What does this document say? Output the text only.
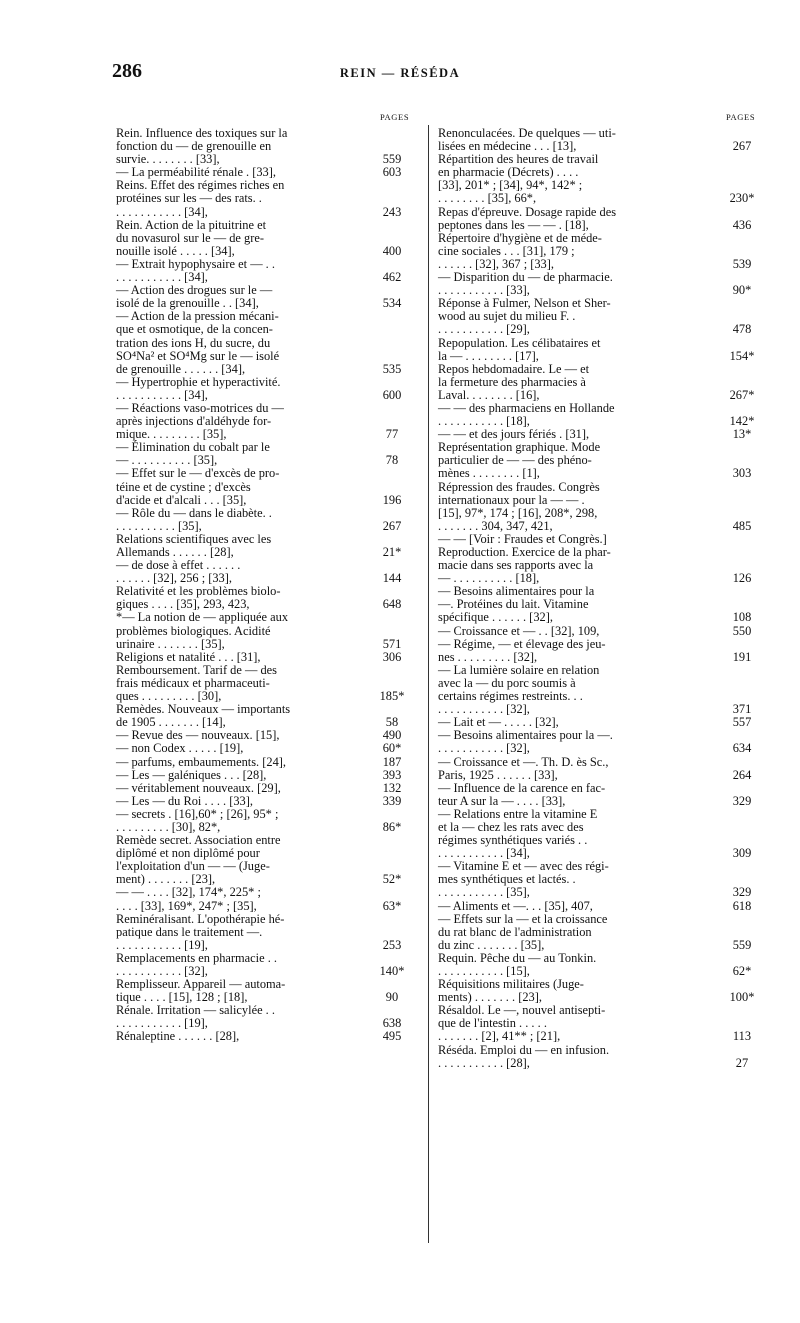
286	REIN — RÉSÉDA
PAGES
Rein. Influence des toxiques sur la
fonction du — de grenouille en
survie. . . . . . . . [33],	559
— La perméabilité rénale . [33],	603
Reins. Effet des régimes riches en
protéines sur les — des rats. .
. . . . . . . . . . . [34],	243
Rein. Action de la pituitrine et
du novasurol sur le — de gre-
nouille isolé . . . . . [34],	400
— Extrait hypophysaire et — . .
. . . . . . . . . . . [34],	462
— Action des drogues sur le —
isolé de la grenouille . . [34],	534
— Action de la pression mécani-
que et osmotique, de la concen-
tration des ions H, du sucre, du
SO⁴Na² et SO⁴Mg sur le — isolé
de grenouille . . . . . . [34],	535
— Hypertrophie et hyperactivité.
. . . . . . . . . . . [34],	600
— Réactions vaso-motrices du —
après injections d'aldéhyde for-
mique. . . . . . . . . [35],	77
— Élimination du cobalt par le
— . . . . . . . . . . [35],	78
— Effet sur le — d'excès de pro-
téine et de cystine ; d'excès
d'acide et d'alcali . . . [35],	196
— Rôle du — dans le diabète. .
. . . . . . . . . . [35],	267
Relations scientifiques avec les
Allemands . . . . . . [28],	21*
— de dose à effet . . . . . .
. . . . . . [32], 256 ; [33],	144
Relativité et les problèmes biolo-
giques . . . . [35], 293, 423,	648
*— La notion de — appliquée aux
problèmes biologiques. Acidité
urinaire . . . . . . . [35],	571
Religions et natalité . . . [31],	306
Remboursement. Tarif de — des
frais médicaux et pharmaceuti-
ques . . . . . . . . . [30],	185*
Remèdes. Nouveaux — importants
de 1905 . . . . . . . [14],	58
— Revue des — nouveaux. [15],	490
— non Codex . . . . . [19],	60*
— parfums, embaumements. [24],	187
— Les — galéniques . . . [28],	393
— véritablement nouveaux. [29],	132
— Les — du Roi . . . . [33],	339
— secrets . [16],60* ; [26], 95* ;
. . . . . . . . . [30], 82*,	86*
Remède secret. Association entre
diplômé et non diplômé pour
l'exploitation d'un — — (Juge-
ment) . . . . . . . [23],	52*
— — . . . . [32], 174*, 225* ;
. . . . [33], 169*, 247* ; [35],	63*
Reminéralisant. L'opothérapie hé-
patique dans le traitement —.
. . . . . . . . . . . [19],	253
Remplacements en pharmacie . .
. . . . . . . . . . . [32],	140*
Remplisseur. Appareil — automa-
tique . . . . [15], 128 ; [18],	90
Rénale. Irritation — salicylée . .
. . . . . . . . . . . [19],	638
Rénaleptine . . . . . . [28],	495
PAGES
Renonculacées. De quelques — uti-
lisées en médecine . . . [13],	267
Répartition des heures de travail
en pharmacie (Décrets) . . . .
[33], 201* ; [34], 94*, 142* ;
. . . . . . . . [35], 66*,	230*
Repas d'épreuve. Dosage rapide des
peptones dans les — — . [18],	436
Répertoire d'hygiène et de méde-
cine sociales . . . [31], 179 ;
. . . . . . [32], 367 ; [33],	539
— Disparition du — de pharmacie.
. . . . . . . . . . . [33],	90*
Réponse à Fulmer, Nelson et Sher-
wood au sujet du milieu F. .
. . . . . . . . . . . [29],	478
Repopulation. Les célibataires et
la — . . . . . . . . [17],	154*
Repos hebdomadaire. Le — et
la fermeture des pharmacies à
Laval. . . . . . . . [16],	267*
— — des pharmaciens en Hollande
. . . . . . . . . . . [18],	142*
— — et des jours fériés . [31],	13*
Représentation graphique. Mode
particulier de — — des phéno-
mènes . . . . . . . . [1],	303
Répression des fraudes. Congrès
internationaux pour la — — .
[15], 97*, 174 ; [16], 208*, 298,
. . . . . . . 304, 347, 421,	485
— — [Voir : Fraudes et Congrès.]
Reproduction. Exercice de la phar-
macie dans ses rapports avec la
— . . . . . . . . . . [18],	126
— Besoins alimentaires pour la
—. Protéines du lait. Vitamine
spécifique . . . . . . [32],	108
— Croissance et — . . [32], 109,	550
— Régime, — et élevage des jeu-
nes . . . . . . . . . [32],	191
— La lumière solaire en relation
avec la — du porc soumis à
certains régimes restreints. . .
. . . . . . . . . . . [32],	371
— Lait et — . . . . . [32],	557
— Besoins alimentaires pour la —.
. . . . . . . . . . . [32],	634
— Croissance et —. Th. D. ès Sc.,
Paris, 1925 . . . . . . [33],	264
— Influence de la carence en fac-
teur A sur la — . . . . [33],	329
— Relations entre la vitamine E
et la — chez les rats avec des
régimes synthétiques variés . .
. . . . . . . . . . . [34],	309
— Vitamine E et — avec des régi-
mes synthétiques et lactés. .
. . . . . . . . . . . [35],	329
— Aliments et —. . . [35], 407,	618
— Effets sur la — et la croissance
du rat blanc de l'administration
du zinc . . . . . . . [35],	559
Requin. Pêche du — au Tonkin.
. . . . . . . . . . . [15],	62*
Réquisitions militaires (Juge-
ments) . . . . . . . [23],	100*
Résaldol. Le —, nouvel antisepti-
que de l'intestin . . . . .
. . . . . . . [2], 41** ; [21],	113
Réséda. Emploi du — en infusion.
. . . . . . . . . . . [28],	27
